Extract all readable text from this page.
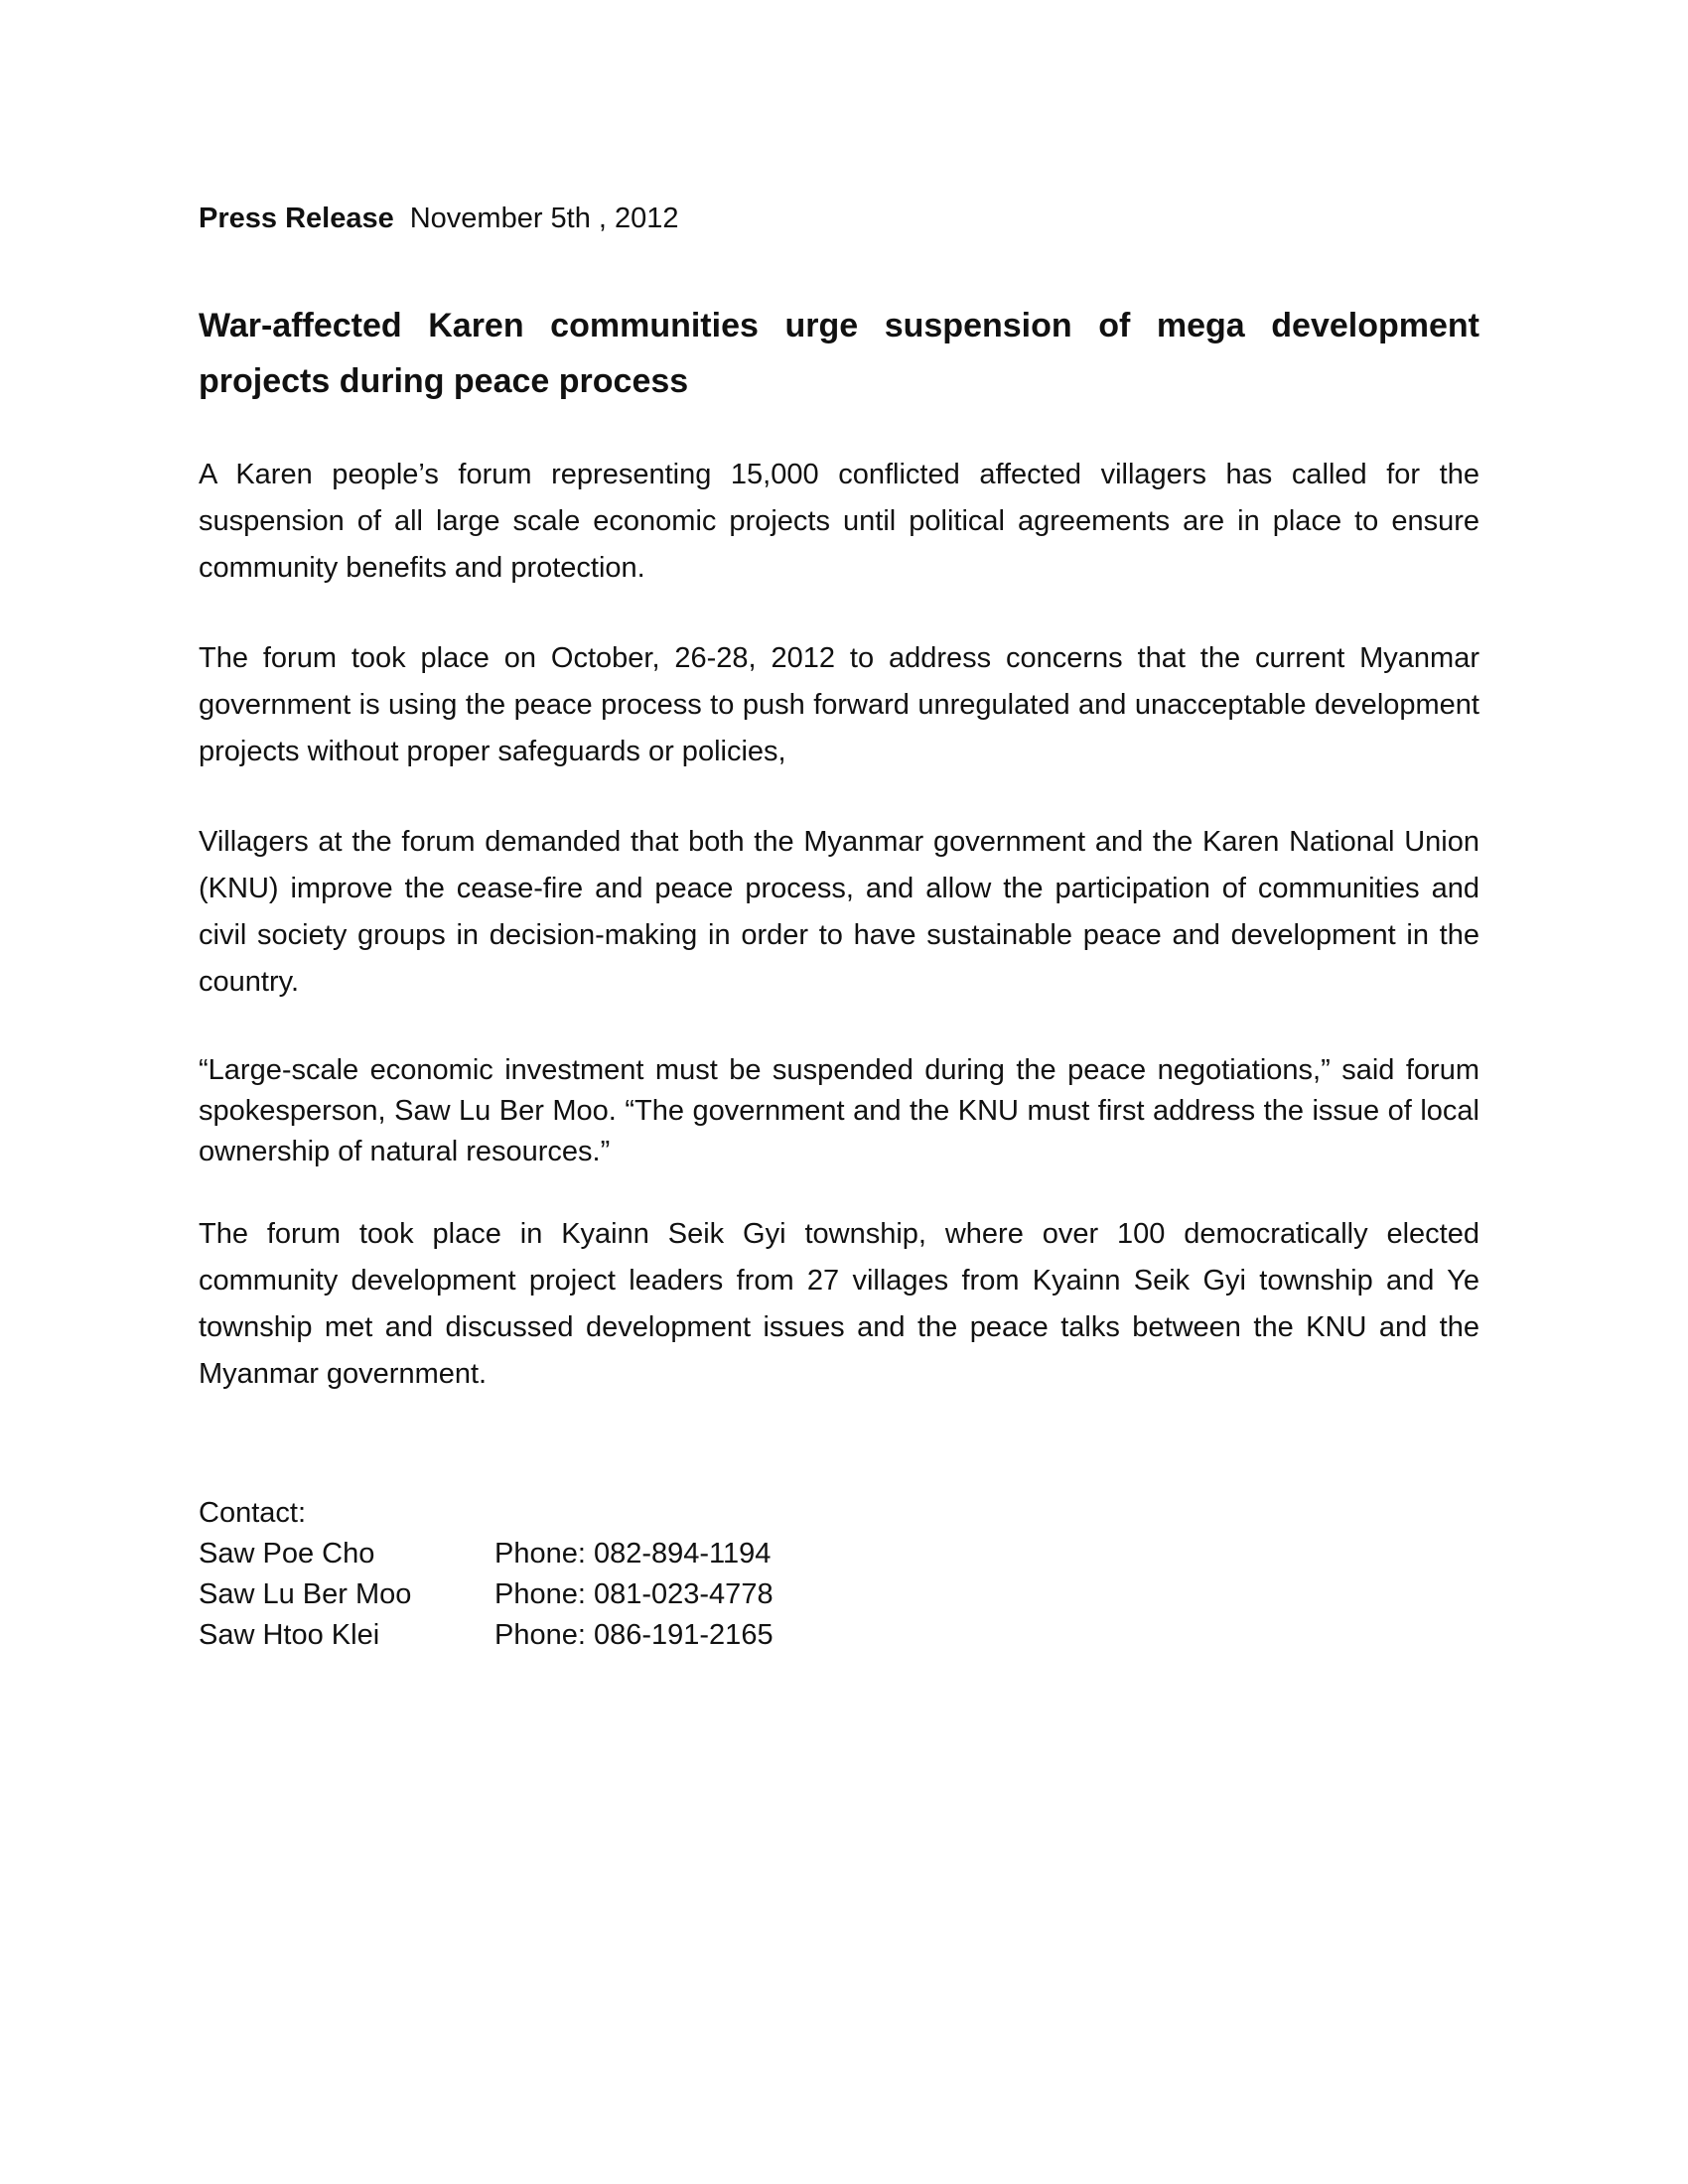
Press Release November 5th , 2012
War-affected Karen communities urge suspension of mega development projects during peace process

A Karen people’s forum representing 15,000 conflicted affected villagers has called for the suspension of all large scale economic projects until political agreements are in place to ensure community benefits and protection.

The forum took place on October, 26-28, 2012 to address concerns that the current Myanmar government is using the peace process to push forward unregulated and unacceptable development projects without proper safeguards or policies,

Villagers at the forum demanded that both the Myanmar government and the Karen National Union (KNU) improve the cease-fire and peace process, and allow the participation of communities and civil society groups in decision-making in order to have sustainable peace and development in the country.

“Large-scale economic investment must be suspended during the peace negotiations,” said forum spokesperson, Saw Lu Ber Moo. “The government and the KNU must first address the issue of local ownership of natural resources.”

The forum took place in Kyainn Seik Gyi township, where over 100 democratically elected community development project leaders from 27 villages from Kyainn Seik Gyi township and Ye township met and discussed development issues and the peace talks between the KNU and the Myanmar government.

Contact:
Saw Poe Cho	Phone: 082-894-1194
Saw Lu Ber Moo	Phone: 081-023-4778
Saw Htoo Klei	Phone: 086-191-2165
